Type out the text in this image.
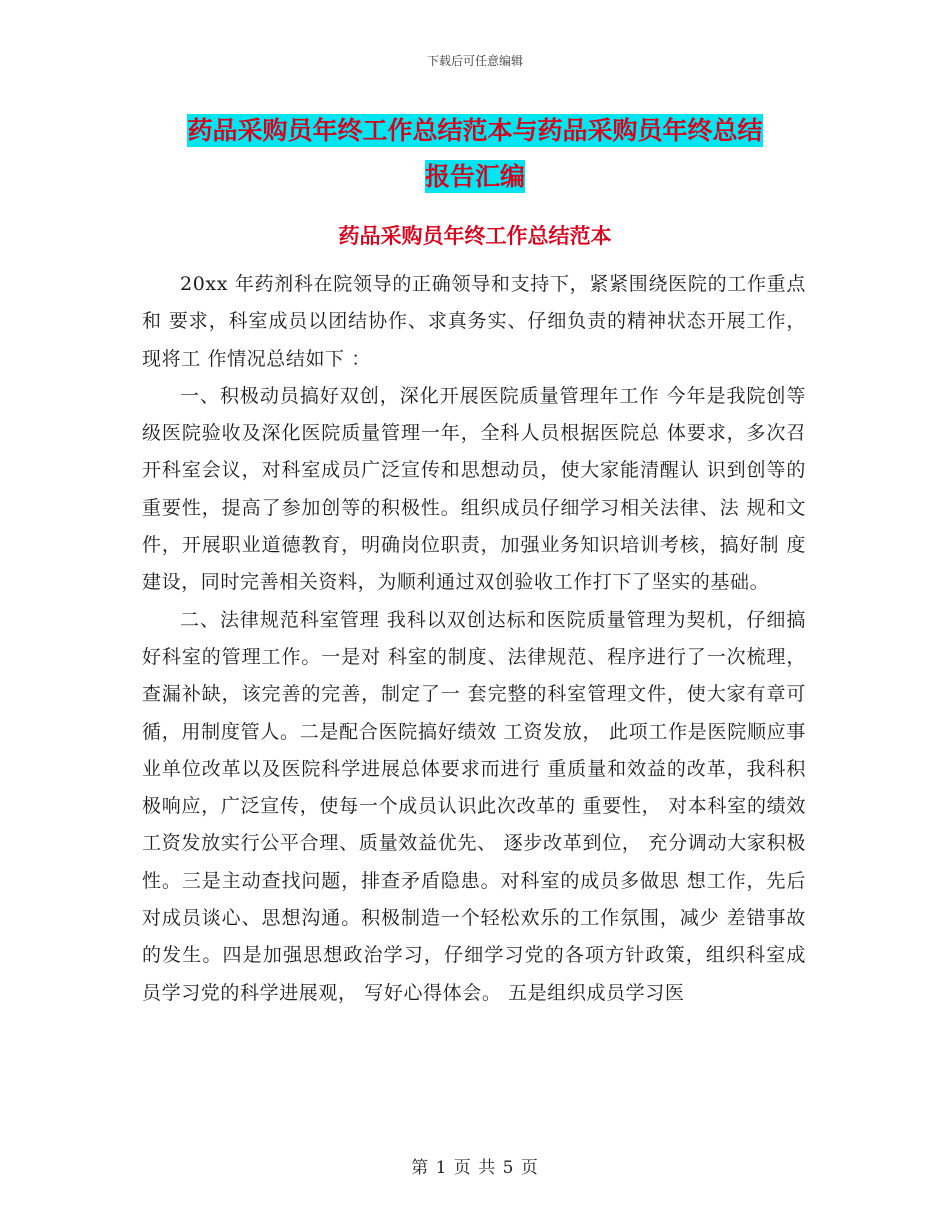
下载后可任意编辑
药品采购员年终工作总结范本与药品采购员年终总结
报告汇编
药品采购员年终工作总结范本

20xx 年药剂科在院领导的正确领导和支持下，紧紧围绕医院的工作重点和 要求，科室成员以团结协作、求真务实、仔细负责的精神状态开展工作，现将工 作情况总结如下 ：

一、积极动员搞好双创，深化开展医院质量管理年工作 今年是我院创等级医院验收及深化医院质量管理一年，全科人员根据医院总 体要求，多次召开科室会议，对科室成员广泛宣传和思想动员，使大家能清醒认 识到创等的重要性，提高了参加创等的积极性。组织成员仔细学习相关法律、法 规和文件，开展职业道德教育，明确岗位职责，加强业务知识培训考核，搞好制 度建设，同时完善相关资料，为顺利通过双创验收工作打下了坚实的基础。

二、法律规范科室管理 我科以双创达标和医院质量管理为契机，仔细搞好科室的管理工作。一是对 科室的制度、法律规范、程序进行了一次梳理，查漏补缺，该完善的完善，制定了一 套完整的科室管理文件，使大家有章可循，用制度管人。二是配合医院搞好绩效 工资发放， 此项工作是医院顺应事业单位改革以及医院科学进展总体要求而进行 重质量和效益的改革，我科积极响应，广泛宣传，使每一个成员认识此次改革的 重要性， 对本科室的绩效工资发放实行公平合理、质量效益优先、 逐步改革到位， 充分调动大家积极性。三是主动查找问题，排查矛盾隐患。对科室的成员多做思 想工作，先后对成员谈心、思想沟通。积极制造一个轻松欢乐的工作氛围，减少 差错事故的发生。四是加强思想政治学习，仔细学习党的各项方针政策，组织科室成员学习党的科学进展观， 写好心得体会。 五是组织成员学习医

第 1 页 共 5 页
